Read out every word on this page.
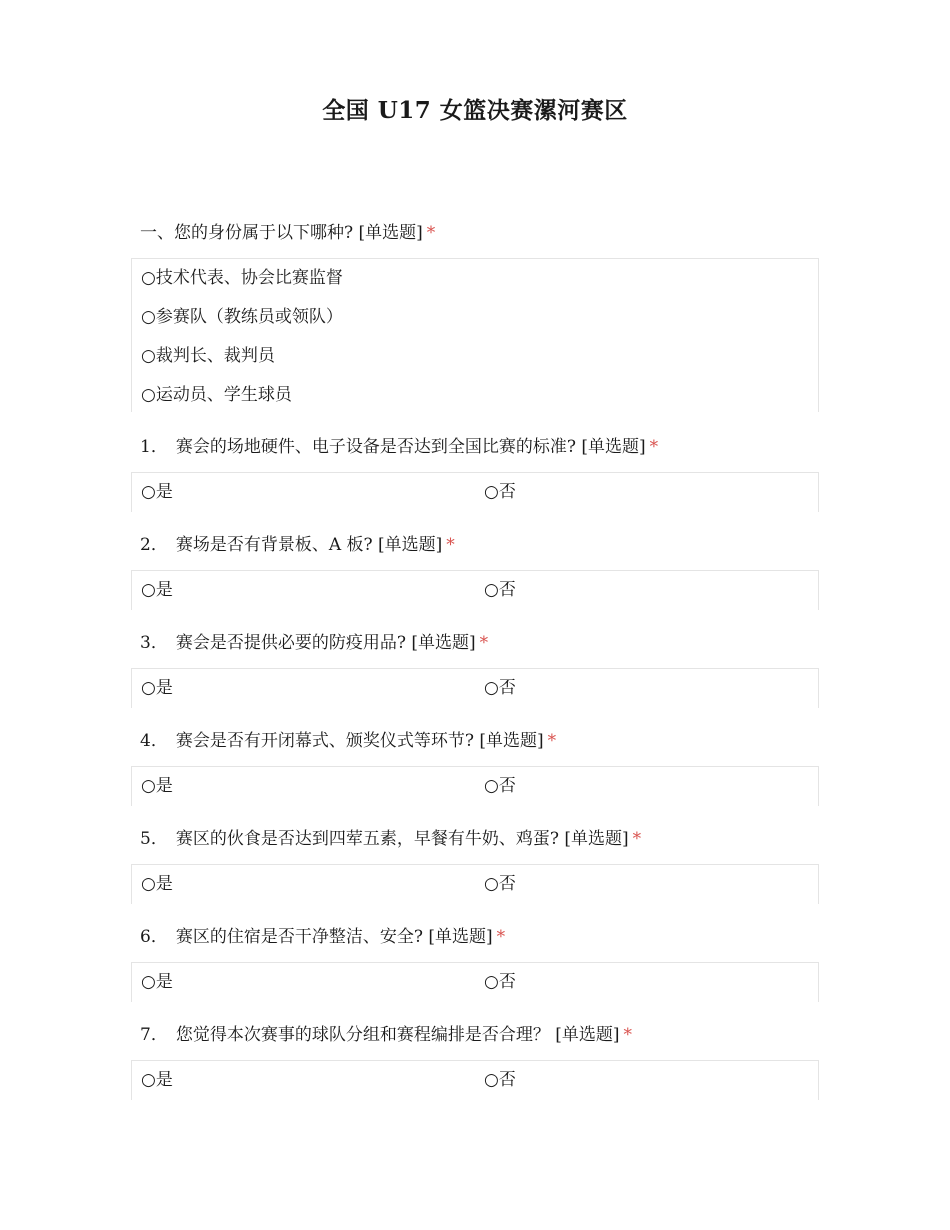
全国 U17 女篮决赛漯河赛区
一、您的身份属于以下哪种? [单选题] *
○技术代表、协会比赛监督
○参赛队（教练员或领队）
○裁判长、裁判员
○运动员、学生球员
1． 赛会的场地硬件、电子设备是否达到全国比赛的标准? [单选题] *
○是	○否
2． 赛场是否有背景板、A 板? [单选题] *
○是	○否
3． 赛会是否提供必要的防疫用品? [单选题] *
○是	○否
4． 赛会是否有开闭幕式、颁奖仪式等环节? [单选题] *
○是	○否
5． 赛区的伙食是否达到四荤五素，早餐有牛奶、鸡蛋? [单选题] *
○是	○否
6． 赛区的住宿是否干净整洁、安全? [单选题] *
○是	○否
7． 您觉得本次赛事的球队分组和赛程编排是否合理？ [单选题] *
○是	○否
